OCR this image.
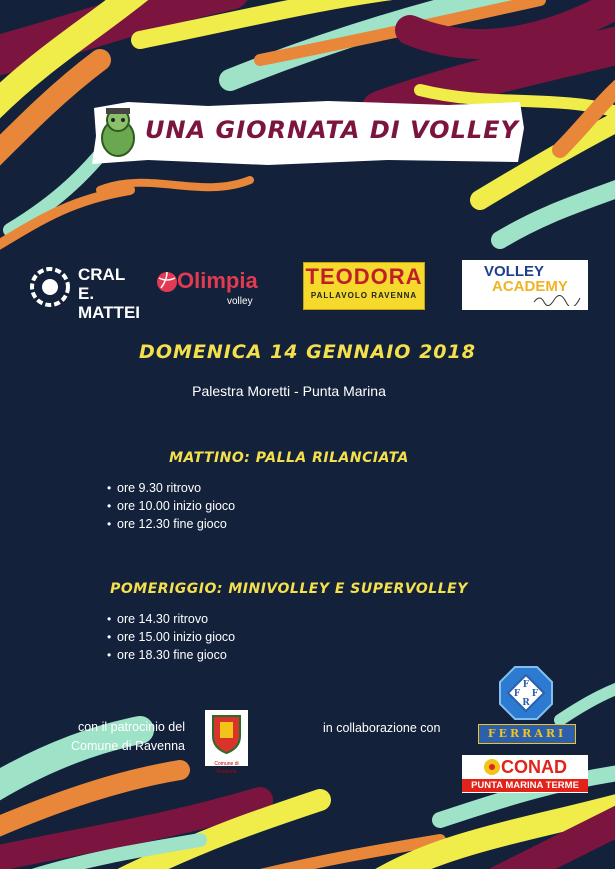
UNA GIORNATA DI VOLLEY
CRAL
E. MATTEI
Olimpia
volley
TEODORA
PALLAVOLO RAVENNA
VOLLEY
ACADEMY
DOMENICA 14 GENNAIO 2018
Palestra Moretti - Punta Marina
MATTINO: PALLA RILANCIATA
• ore 9.30 ritrovo
• ore 10.00 inizio gioco
• ore 12.30 fine gioco
POMERIGGIO: MINIVOLLEY E SUPERVOLLEY
• ore 14.30 ritrovo
• ore 15.00 inizio gioco
• ore 18.30 fine gioco
con il patrocinio del
Comune di Ravenna
Comune di Ravenna
in collaborazione con
F
F F
R
FERRARI
CONAD
PUNTA MARINA TERME
